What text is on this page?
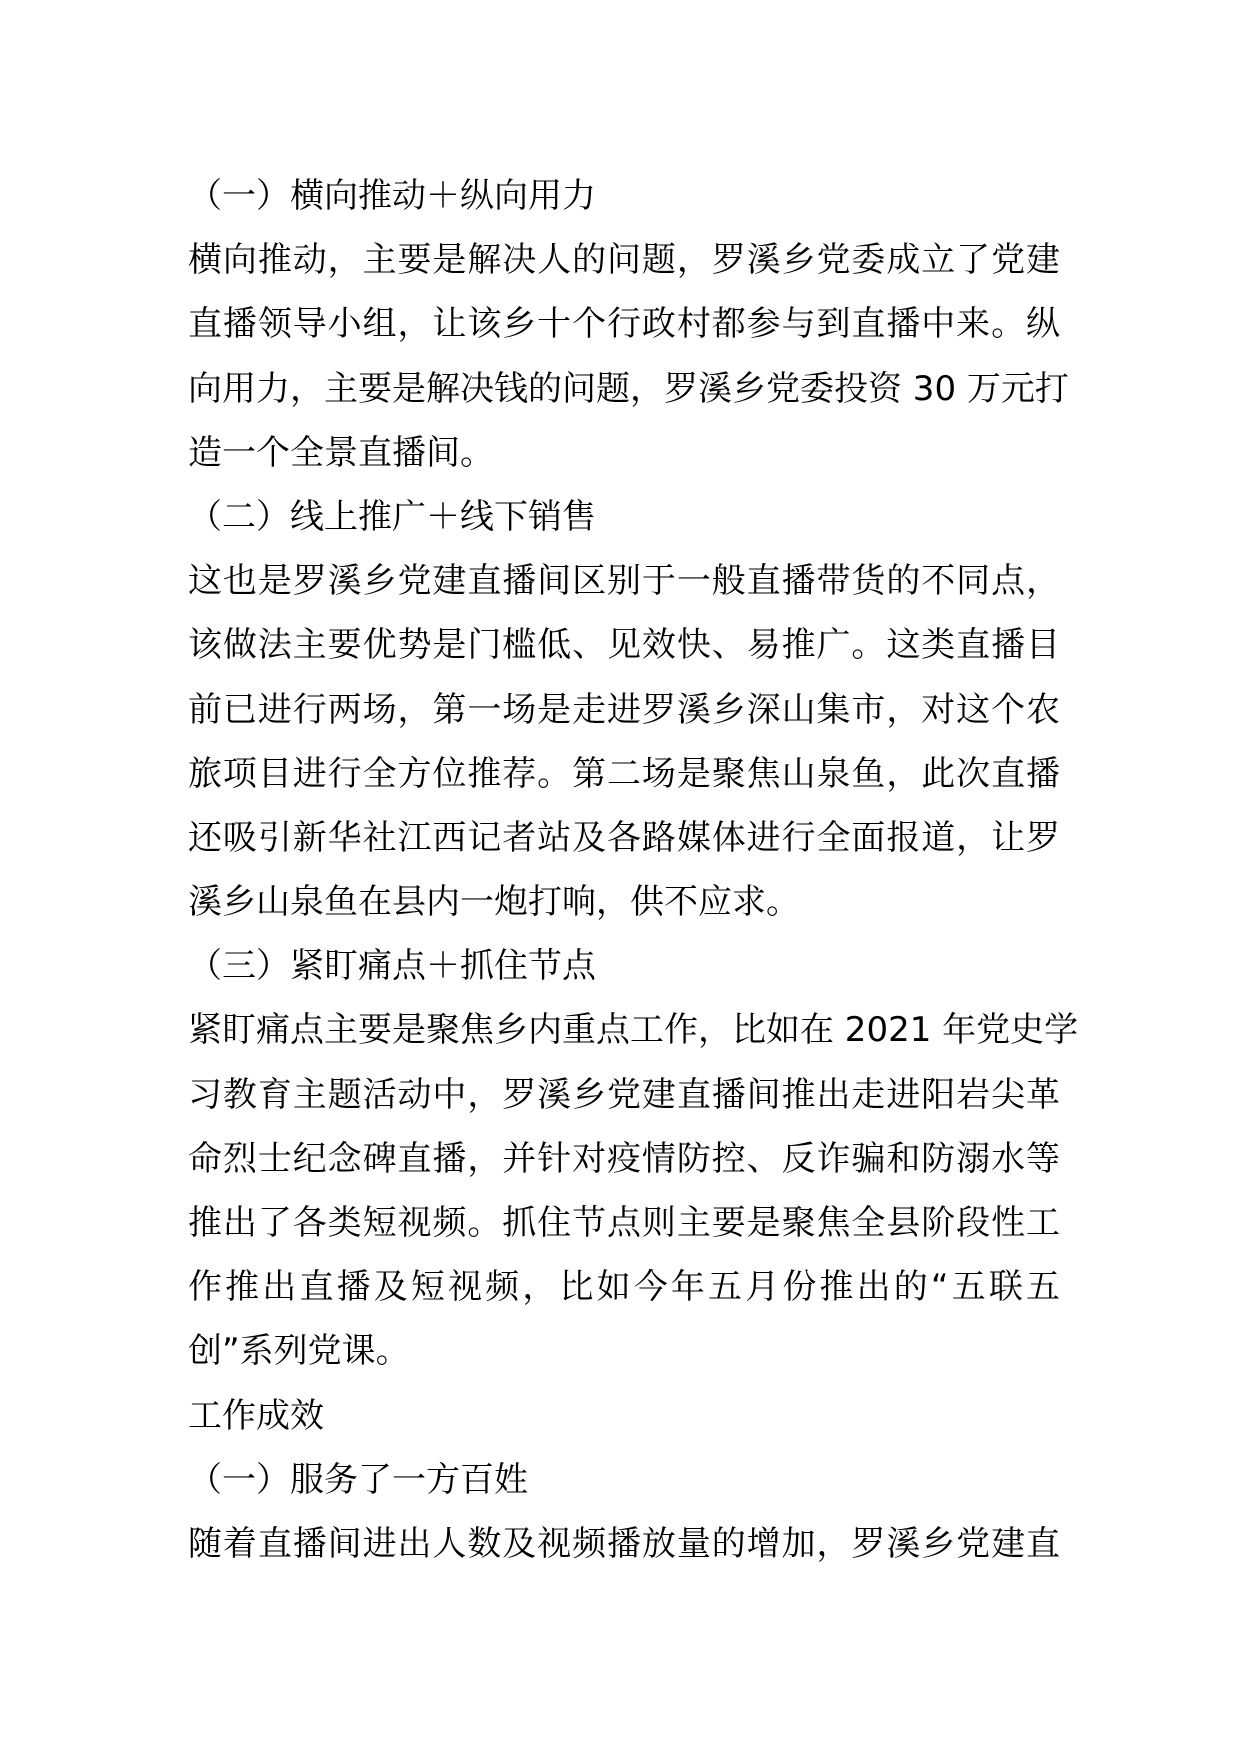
（一）横向推动＋纵向用力
横向推动，主要是解决人的问题，罗溪乡党委成立了党建
直播领导小组，让该乡十个行政村都参与到直播中来。纵
向用力，主要是解决钱的问题，罗溪乡党委投资 30 万元打
造一个全景直播间。
（二）线上推广＋线下销售
这也是罗溪乡党建直播间区别于一般直播带货的不同点，
该做法主要优势是门槛低、见效快、易推广。这类直播目
前已进行两场，第一场是走进罗溪乡深山集市，对这个农
旅项目进行全方位推荐。第二场是聚焦山泉鱼，此次直播
还吸引新华社江西记者站及各路媒体进行全面报道，让罗
溪乡山泉鱼在县内一炮打响，供不应求。
（三）紧盯痛点＋抓住节点
紧盯痛点主要是聚焦乡内重点工作，比如在 2021 年党史学
习教育主题活动中，罗溪乡党建直播间推出走进阳岩尖革
命烈士纪念碑直播，并针对疫情防控、反诈骗和防溺水等
推出了各类短视频。抓住节点则主要是聚焦全县阶段性工
作推出直播及短视频，比如今年五月份推出的“五联五
创”系列党课。
工作成效
（一）服务了一方百姓
随着直播间进出人数及视频播放量的增加，罗溪乡党建直
